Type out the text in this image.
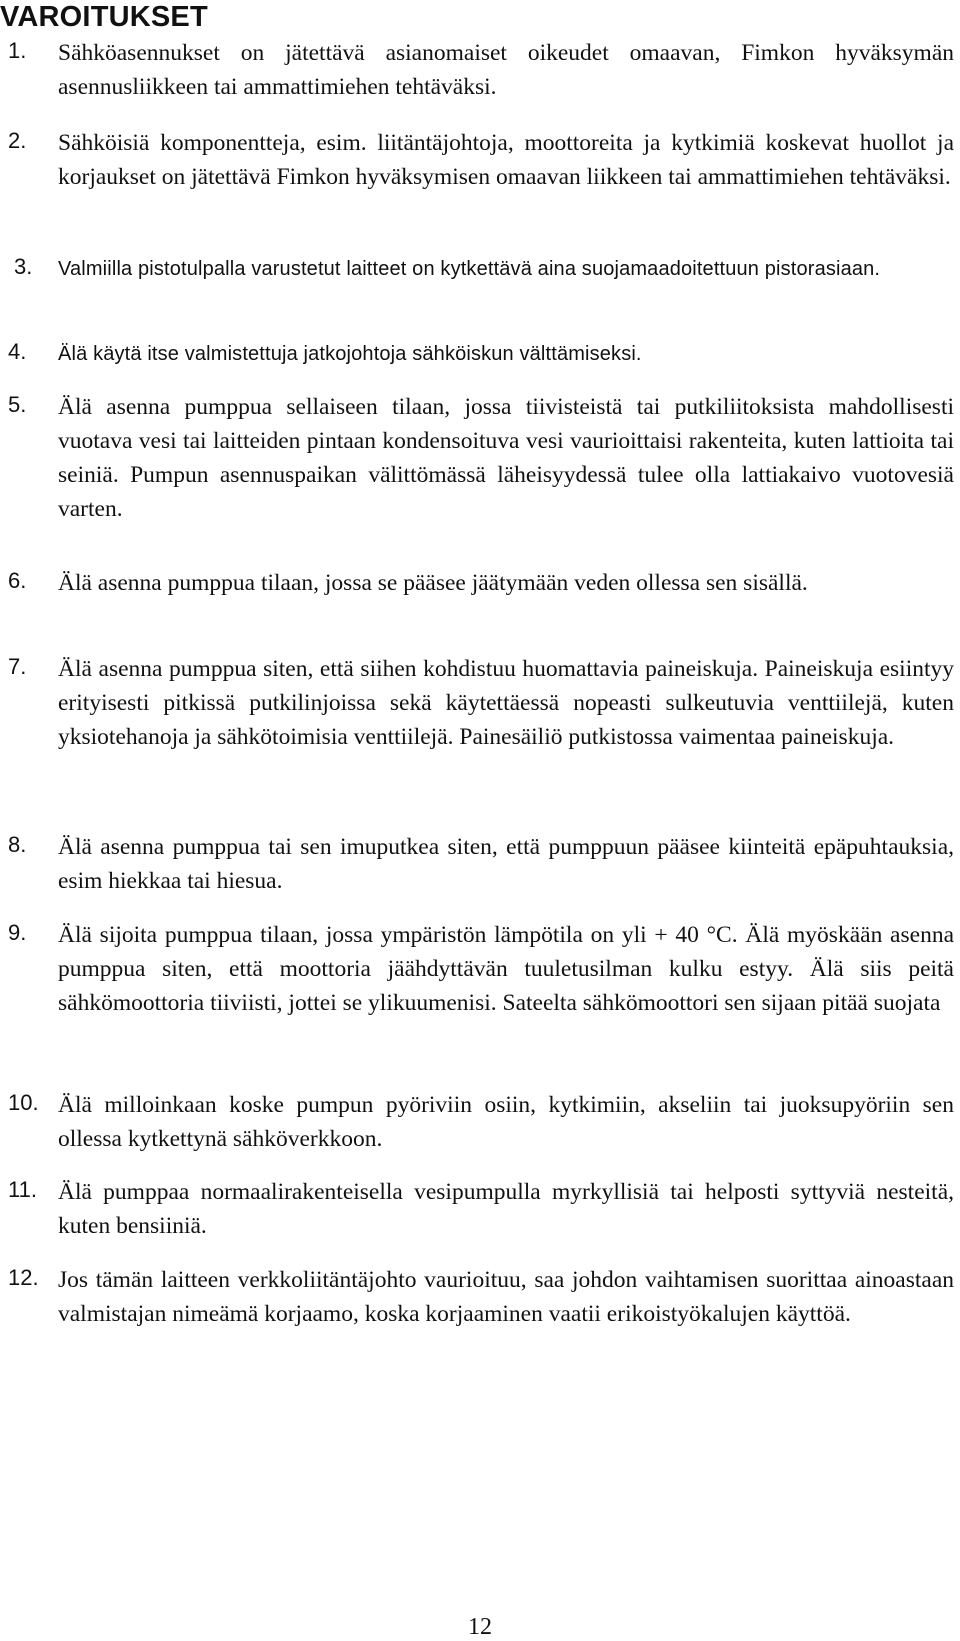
VAROITUKSET
1. Sähköasennukset on jätettävä asianomaiset oikeudet omaavan, Fimkon hyväksymän asennusliikkeen tai ammattimiehen tehtäväksi.

2. Sähköisiä komponentteja, esim. liitäntäjohtoja, moottoreita ja kytkimiä koskevat huollot ja korjaukset on jätettävä Fimkon hyväksymisen omaavan liikkeen tai ammattimiehen tehtäväksi.

3. Valmiilla pistotulpalla varustetut laitteet on kytkettävä aina suojamaadoitettuun pistorasiaan.

4. Älä käytä itse valmistettuja jatkojohtoja sähköiskun välttämiseksi.

5. Älä asenna pumppua sellaiseen tilaan, jossa tiivisteistä tai putkiliitoksista mahdollisesti vuotava vesi tai laitteiden pintaan kondensoituva vesi vaurioittaisi rakenteita, kuten lattioita tai seiniä. Pumpun asennuspaikan välittömässä läheisyydessä tulee olla lattiakaivo vuotovesiä varten.

6. Älä asenna pumppua tilaan, jossa se pääsee jäätymään veden ollessa sen sisällä.

7. Älä asenna pumppua siten, että siihen kohdistuu huomattavia paineiskuja. Paineiskuja esiintyy erityisesti pitkissä putkilinjoissa sekä käytettäessä nopeasti sulkeutuvia venttiilejä, kuten yksiotehanoja ja sähkötoimisia venttiilejä. Painesäiliö putkistossa vaimentaa paineiskuja.

8. Älä asenna pumppua tai sen imuputkea siten, että pumppuun pääsee kiinteitä epäpuhtauksia, esim hiekkaa tai hiesua.

9. Älä sijoita pumppua tilaan, jossa ympäristön lämpötila on yli + 40 °C. Älä myöskään asenna pumppua siten, että moottoria jäähdyttävän tuuletusilman kulku estyy. Älä siis peitä sähkömoottoria tiiviisti, jottei se ylikuumenisi. Sateelta sähkömoottori sen sijaan pitää suojata

10. Älä milloinkaan koske pumpun pyöriviin osiin, kytkimiin, akseliin tai juoksupyöriin sen ollessa kytkettynä sähköverkkoon.

11. Älä pumppaa normaalirakenteisella vesipumpulla myrkyllisiä tai helposti syttyviä nesteitä, kuten bensiiniä.

12. Jos tämän laitteen verkkoliitäntäjohto vaurioituu, saa johdon vaihtamisen suorittaa ainoastaan valmistajan nimeämä korjaamo, koska korjaaminen vaatii erikoistyökalujen käyttöä.

12
